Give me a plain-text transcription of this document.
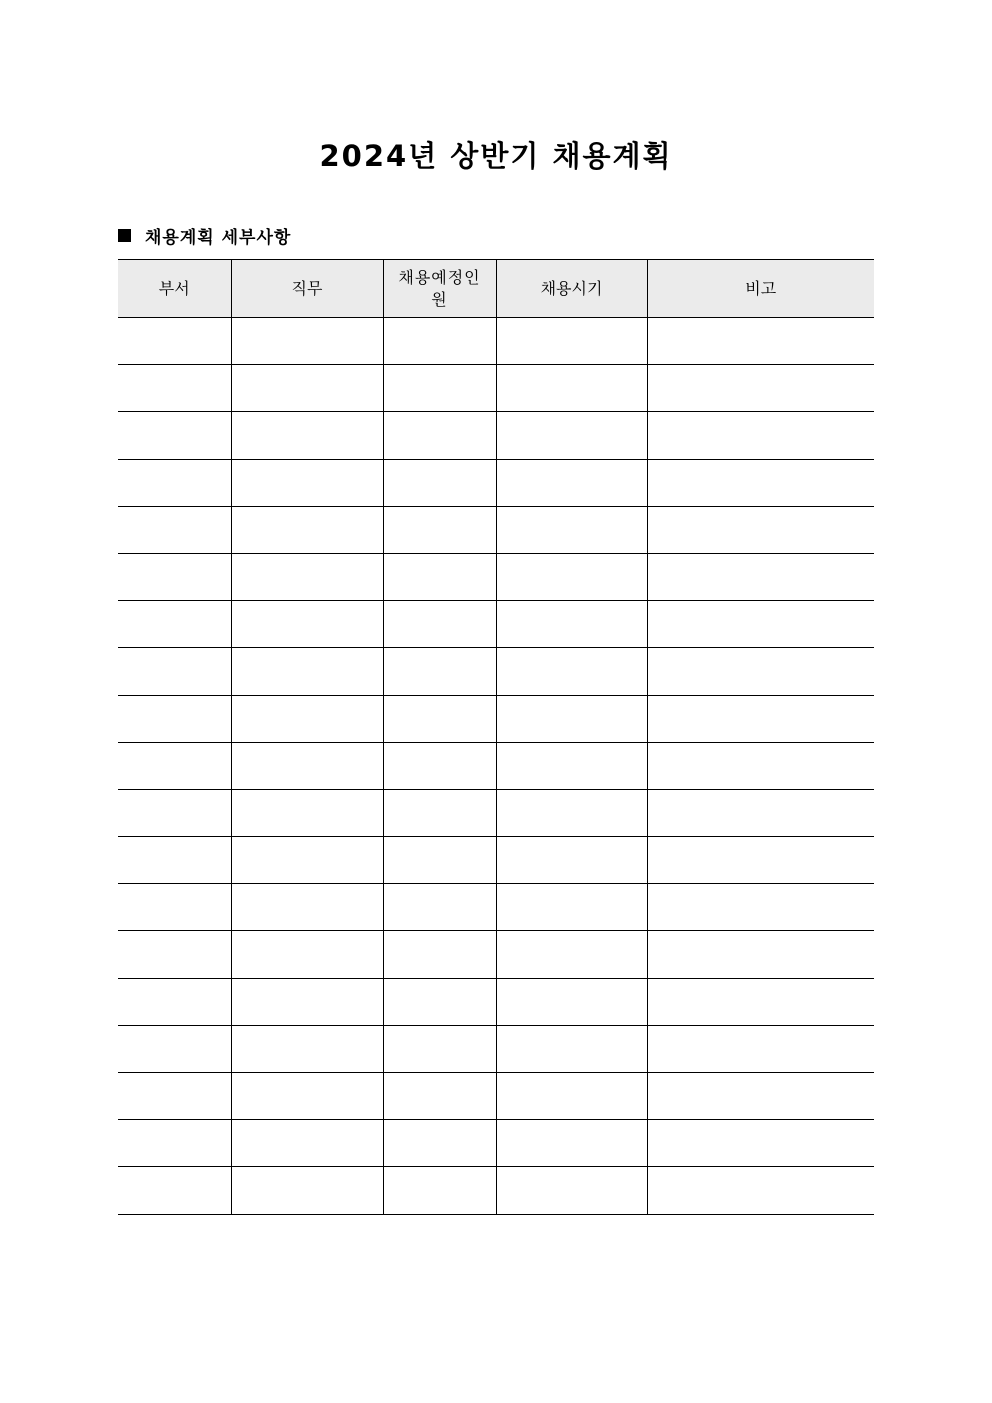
2024년 상반기 채용계획
채용계획 세부사항
부서	직무	채용예정인원	채용시기	비고
